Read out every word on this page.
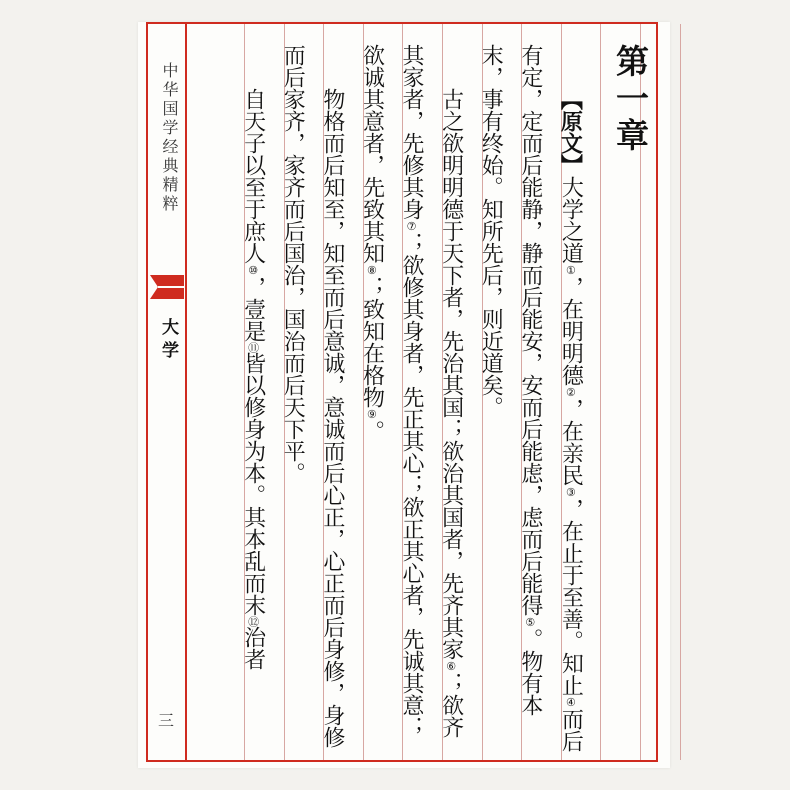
中华国学经典精粹
大学
三

第一章

【原文】大学之道①，在明明德②，在亲民③，在止于至善。知止④而后有定，定而后能静，静而后能安，安而后能虑，虑而后能得⑤。物有本末，事有终始。知所先后，则近道矣。

古之欲明明德于天下者，先治其国；欲治其国者，先齐其家⑥；欲齐其家者，先修其身⑦；欲修其身者，先正其心；欲正其心者，先诚其意；欲诚其意者，先致其知⑧；致知在格物⑨。

物格而后知至，知至而后意诚，意诚而后心正，心正而后身修，身修而后家齐，家齐而后国治，国治而后天下平。

自天子以至于庶人⑩，壹是⑪皆以修身为本。其本乱而末⑫治者
